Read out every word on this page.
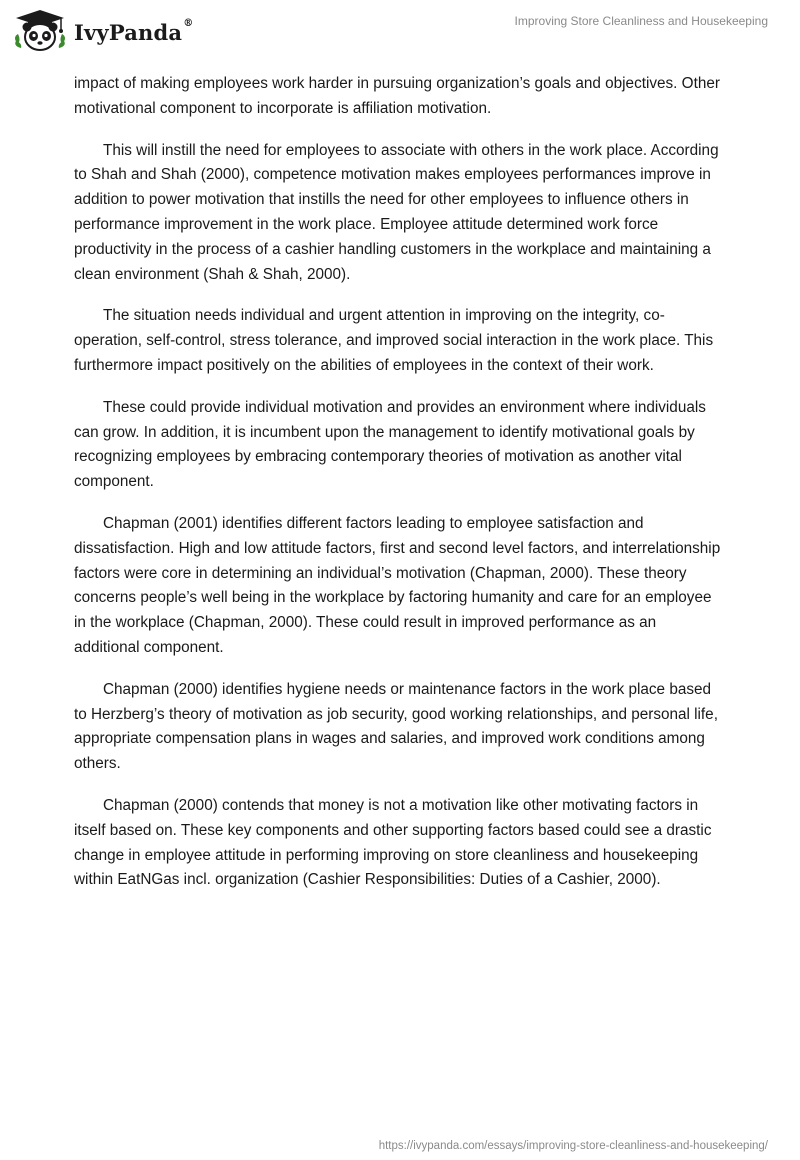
IvyPanda®	Improving Store Cleanliness and Housekeeping

impact of making employees work harder in pursuing organization’s goals and objectives. Other motivational component to incorporate is affiliation motivation.

This will instill the need for employees to associate with others in the work place. According to Shah and Shah (2000), competence motivation makes employees performances improve in addition to power motivation that instills the need for other employees to influence others in performance improvement in the work place. Employee attitude determined work force productivity in the process of a cashier handling customers in the workplace and maintaining a clean environment (Shah & Shah, 2000).

The situation needs individual and urgent attention in improving on the integrity, co-operation, self-control, stress tolerance, and improved social interaction in the work place. This furthermore impact positively on the abilities of employees in the context of their work.

These could provide individual motivation and provides an environment where individuals can grow. In addition, it is incumbent upon the management to identify motivational goals by recognizing employees by embracing contemporary theories of motivation as another vital component.

Chapman (2001) identifies different factors leading to employee satisfaction and dissatisfaction. High and low attitude factors, first and second level factors, and interrelationship factors were core in determining an individual’s motivation (Chapman, 2000). These theory concerns people’s well being in the workplace by factoring humanity and care for an employee in the workplace (Chapman, 2000). These could result in improved performance as an additional component.

Chapman (2000) identifies hygiene needs or maintenance factors in the work place based to Herzberg’s theory of motivation as job security, good working relationships, and personal life, appropriate compensation plans in wages and salaries, and improved work conditions among others.

Chapman (2000) contends that money is not a motivation like other motivating factors in itself based on. These key components and other supporting factors based could see a drastic change in employee attitude in performing improving on store cleanliness and housekeeping within EatNGas incl. organization (Cashier Responsibilities: Duties of a Cashier, 2000).

https://ivypanda.com/essays/improving-store-cleanliness-and-housekeeping/
